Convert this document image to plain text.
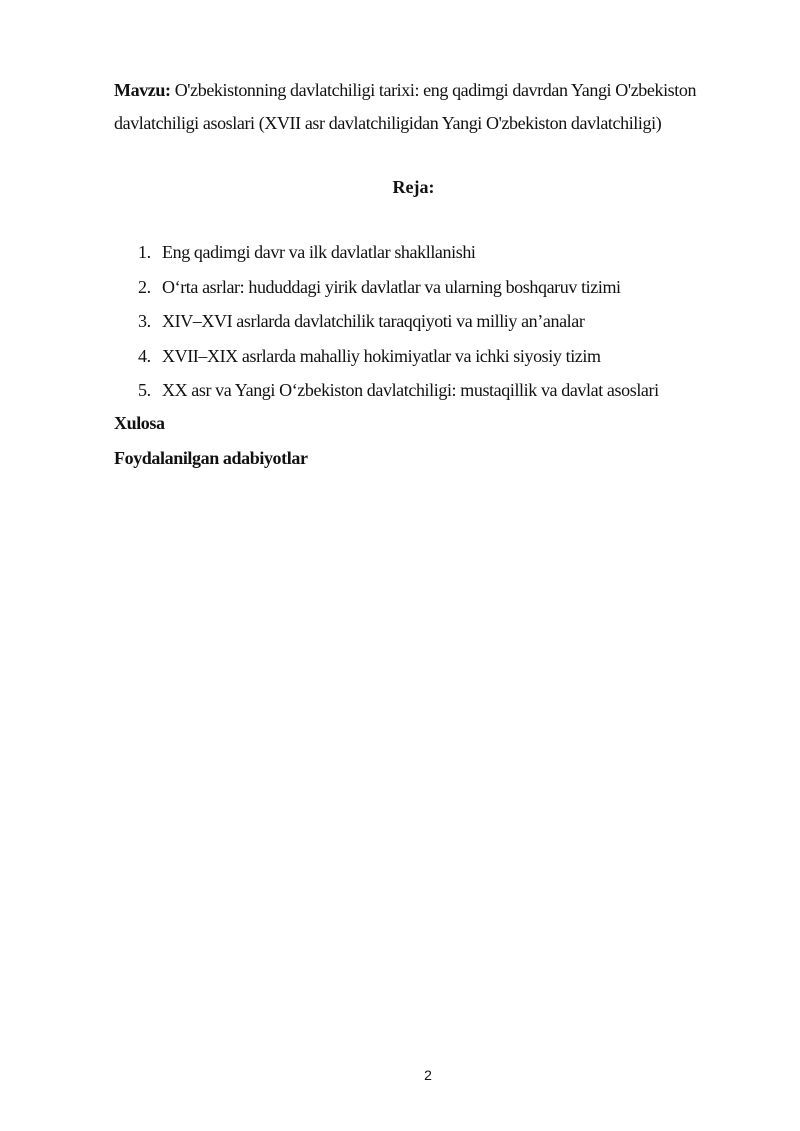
Mavzu: O'zbekistonning davlatchiligi tarixi: eng qadimgi davrdan Yangi O'zbekiston davlatchiligi asoslari (XVII asr davlatchiligidan Yangi O'zbekiston davlatchiligi)

Reja:
1. Eng qadimgi davr va ilk davlatlar shakllanishi
2. O‘rta asrlar: hududdagi yirik davlatlar va ularning boshqaruv tizimi
3. XIV–XVI asrlarda davlatchilik taraqqiyoti va milliy an’analar
4. XVII–XIX asrlarda mahalliy hokimiyatlar va ichki siyosiy tizim
5. XX asr va Yangi O‘zbekiston davlatchiligi: mustaqillik va davlat asoslari
Xulosa
Foydalanilgan adabiyotlar
2
